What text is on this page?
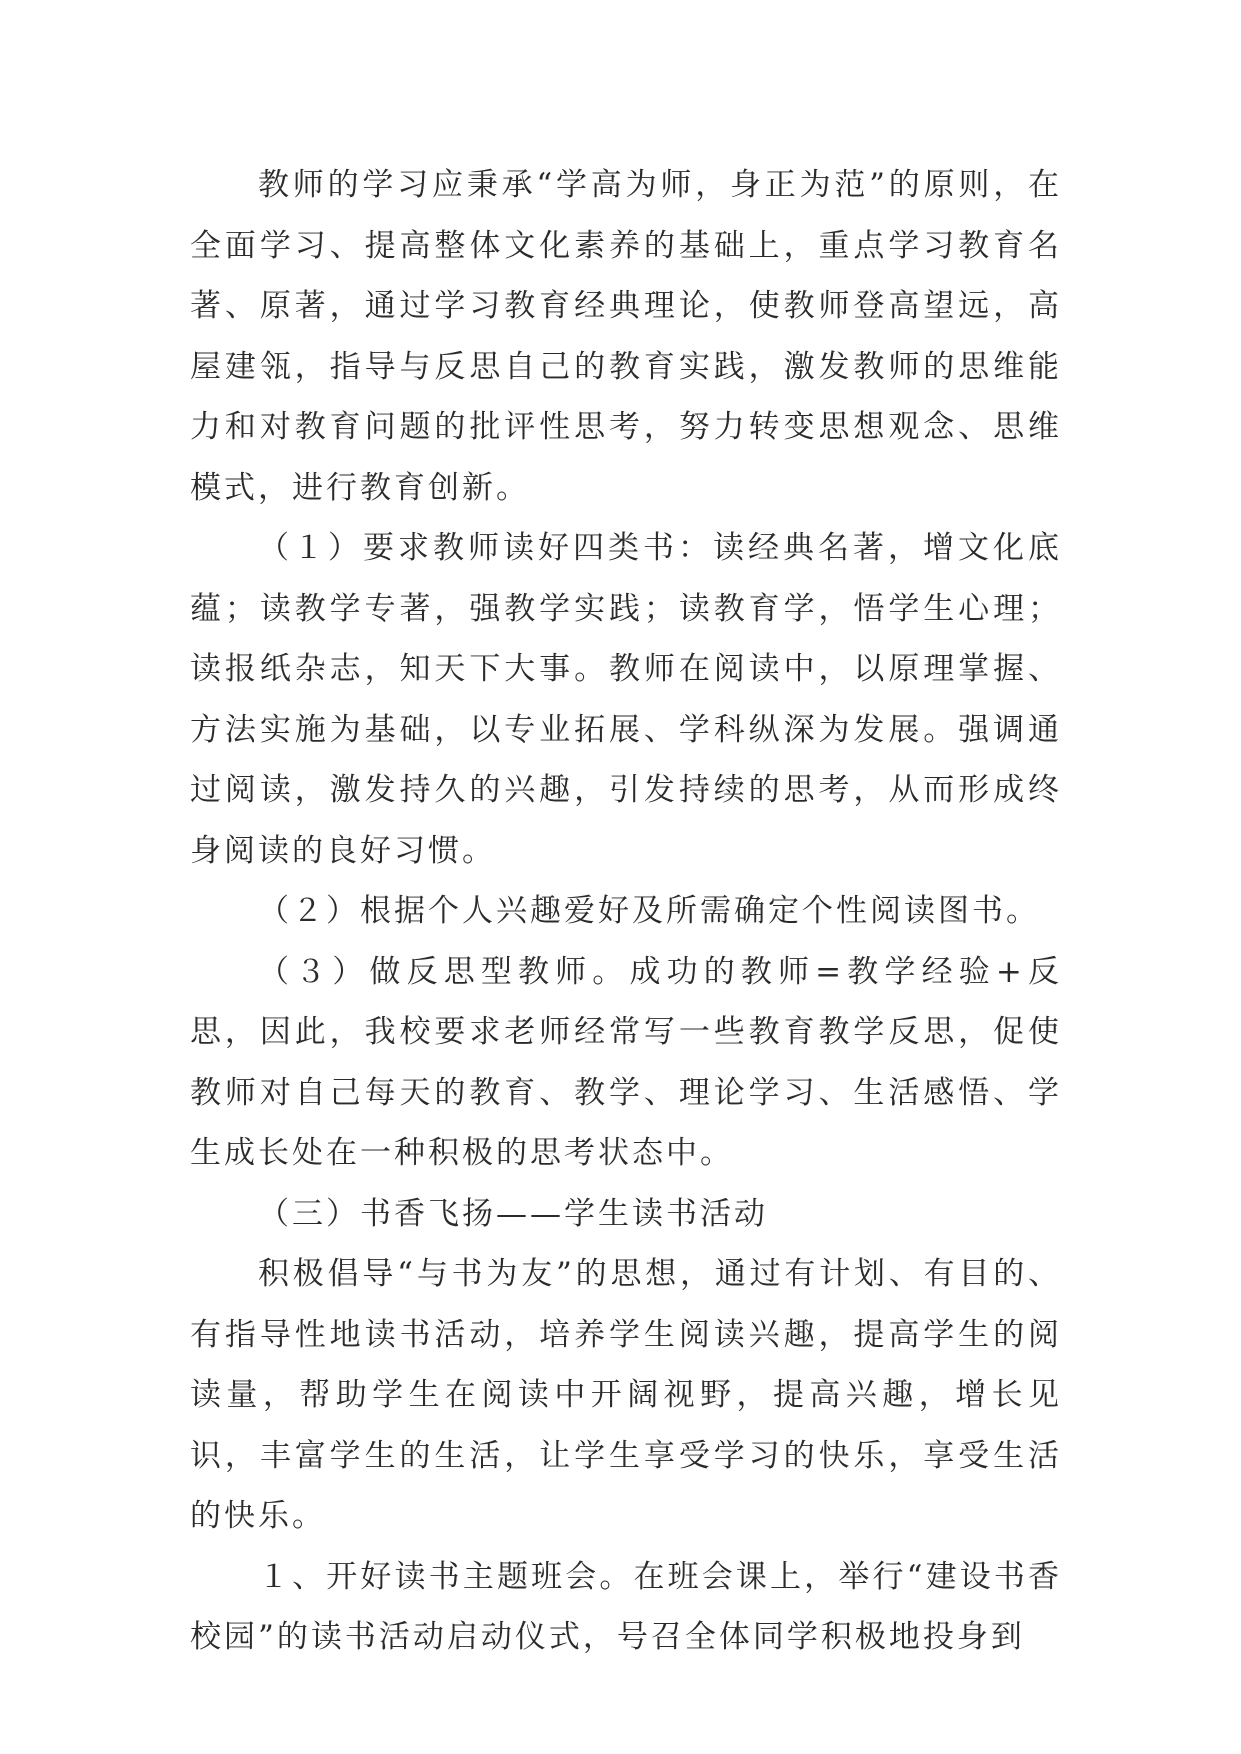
教师的学习应秉承“学高为师，身正为范”的原则，在全面学习、提高整体文化素养的基础上，重点学习教育名著、原著，通过学习教育经典理论，使教师登高望远，高屋建瓴，指导与反思自己的教育实践，激发教师的思维能力和对教育问题的批评性思考，努力转变思想观念、思维模式，进行教育创新。

（１）要求教师读好四类书：读经典名著，增文化底蕴；读教学专著，强教学实践；读教育学，悟学生心理；读报纸杂志，知天下大事。教师在阅读中，以原理掌握、方法实施为基础，以专业拓展、学科纵深为发展。强调通过阅读，激发持久的兴趣，引发持续的思考，从而形成终身阅读的良好习惯。

（２）根据个人兴趣爱好及所需确定个性阅读图书。

（３）做反思型教师。成功的教师=教学经验+反思，因此，我校要求老师经常写一些教育教学反思，促使教师对自己每天的教育、教学、理论学习、生活感悟、学生成长处在一种积极的思考状态中。

（三）书香飞扬——学生读书活动

积极倡导“与书为友”的思想，通过有计划、有目的、有指导性地读书活动，培养学生阅读兴趣，提高学生的阅读量，帮助学生在阅读中开阔视野，提高兴趣，增长见识，丰富学生的生活，让学生享受学习的快乐，享受生活的快乐。

１、开好读书主题班会。在班会课上，举行“建设书香校园”的读书活动启动仪式，号召全体同学积极地投身到
